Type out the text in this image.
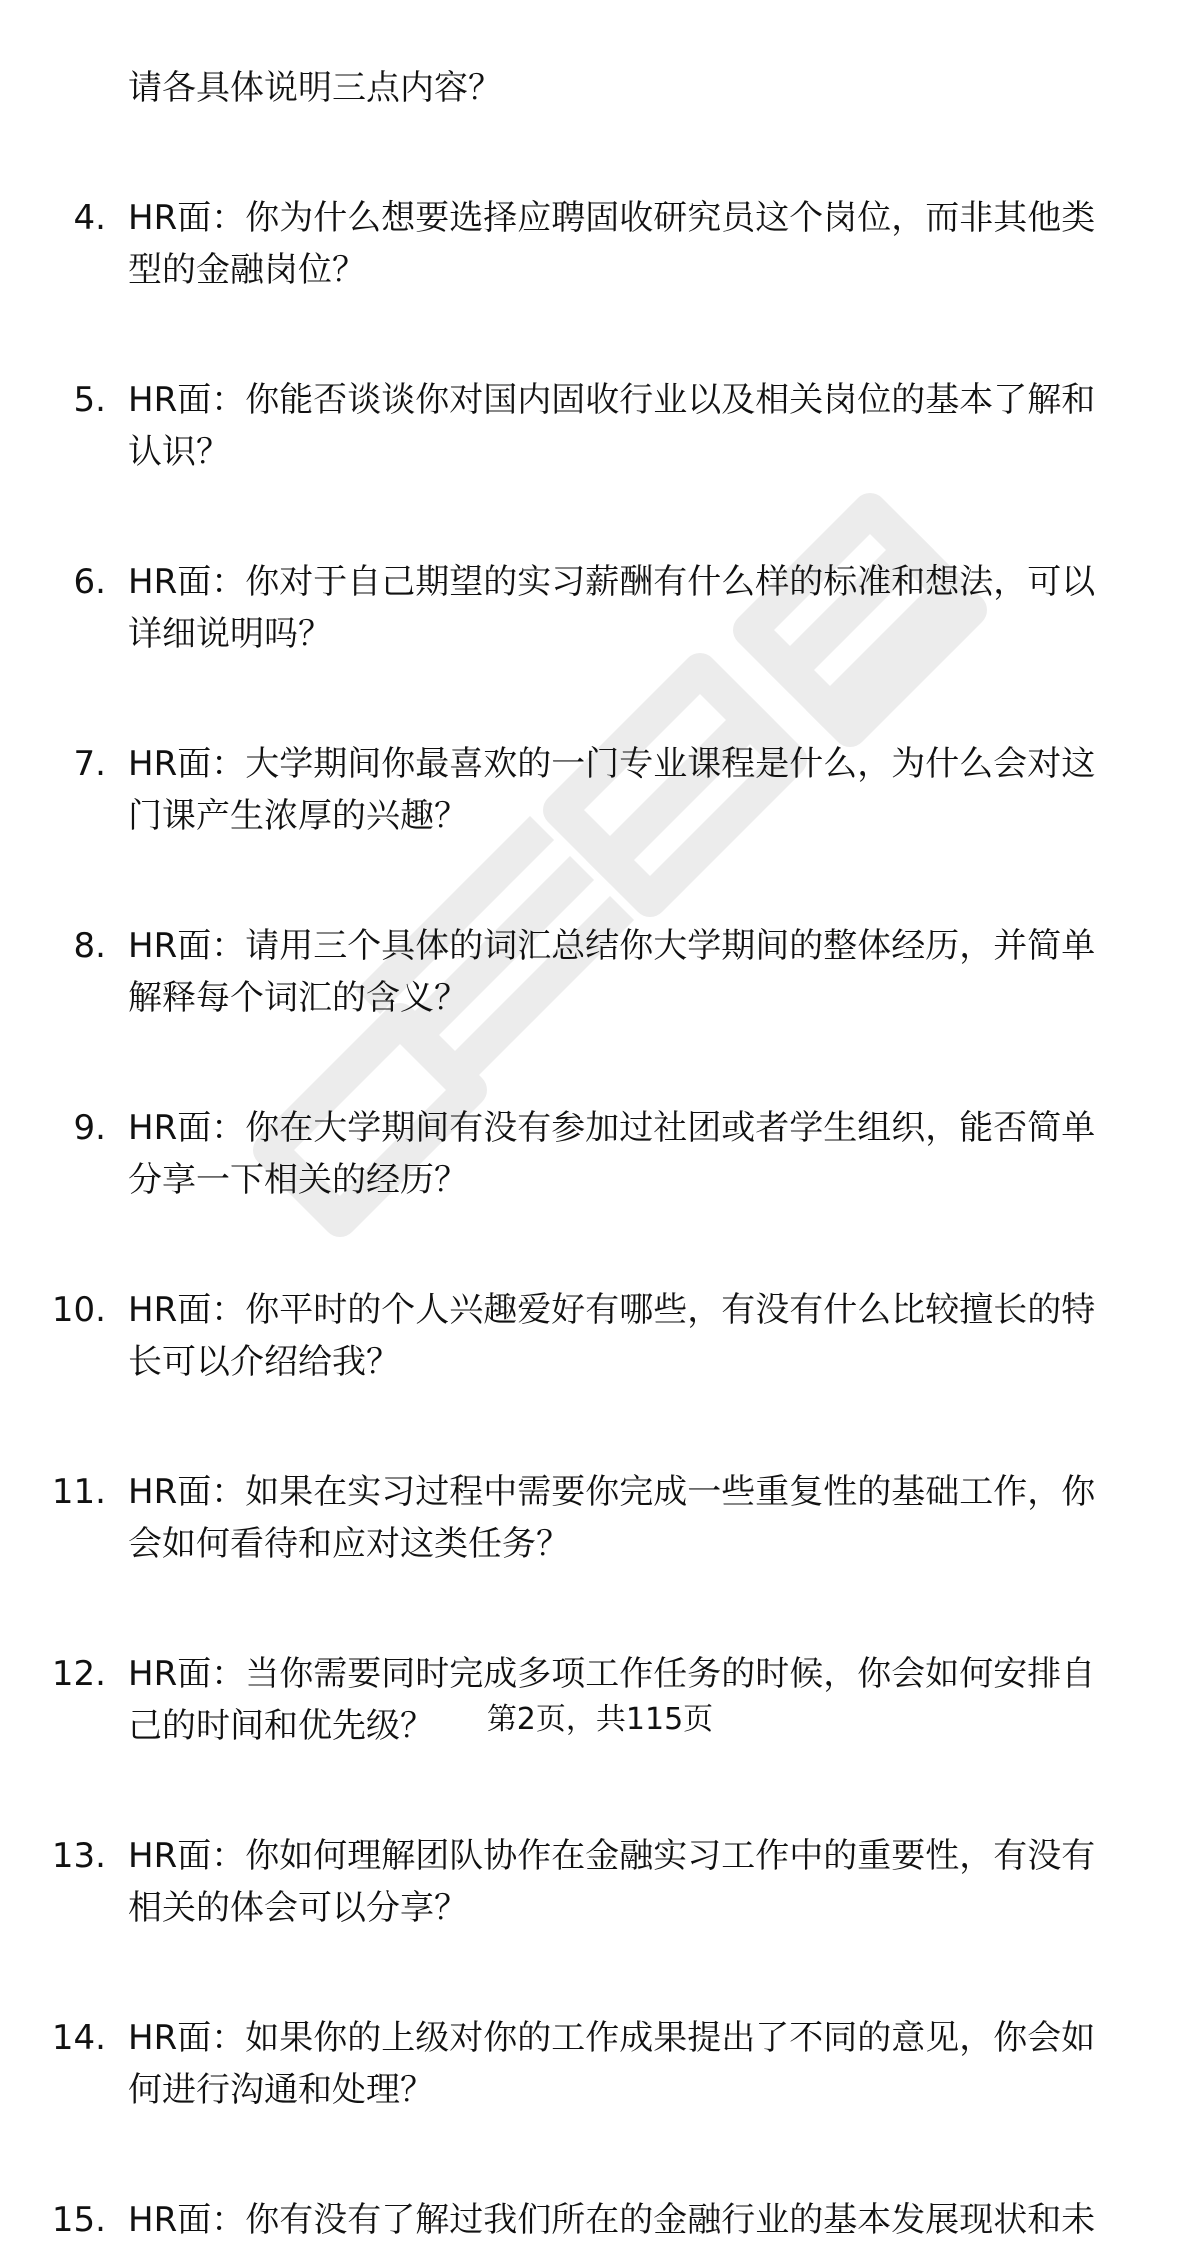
请各具体说明三点内容？
4. HR面：你为什么想要选择应聘固收研究员这个岗位，而非其他类
型的金融岗位？
5. HR面：你能否谈谈你对国内固收行业以及相关岗位的基本了解和
认识？
6. HR面：你对于自己期望的实习薪酬有什么样的标准和想法，可以
详细说明吗？
7. HR面：大学期间你最喜欢的一门专业课程是什么，为什么会对这
门课产生浓厚的兴趣？
8. HR面：请用三个具体的词汇总结你大学期间的整体经历，并简单
解释每个词汇的含义？
9. HR面：你在大学期间有没有参加过社团或者学生组织，能否简单
分享一下相关的经历？
10. HR面：你平时的个人兴趣爱好有哪些，有没有什么比较擅长的特
长可以介绍给我？
11. HR面：如果在实习过程中需要你完成一些重复性的基础工作，你
会如何看待和应对这类任务？
12. HR面：当你需要同时完成多项工作任务的时候，你会如何安排自
己的时间和优先级？
13. HR面：你如何理解团队协作在金融实习工作中的重要性，有没有
相关的体会可以分享？
14. HR面：如果你的上级对你的工作成果提出了不同的意见，你会如
何进行沟通和处理？
15. HR面：你有没有了解过我们所在的金融行业的基本发展现状和未
第2页，共115页
